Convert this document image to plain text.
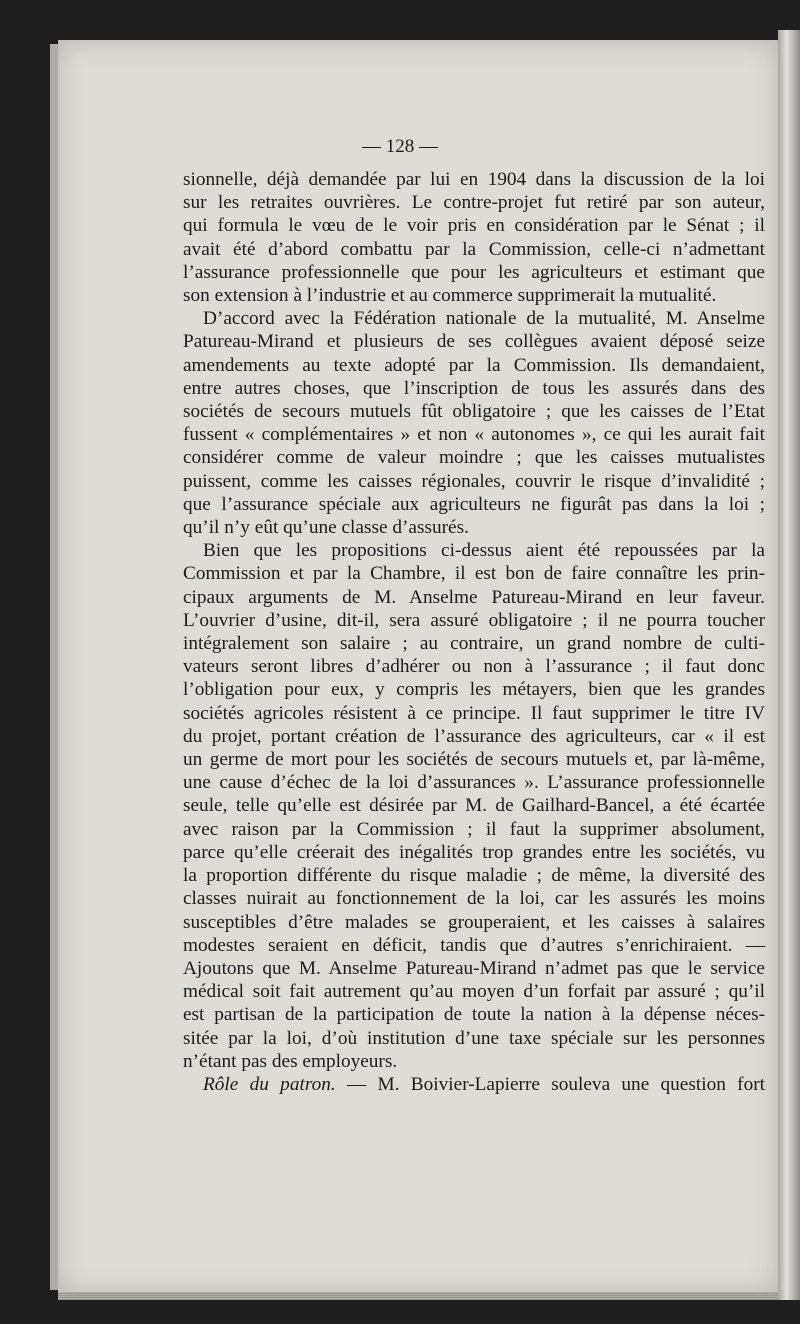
— 128 —

sionnelle, déjà demandée par lui en 1904 dans la discussion de la loi
sur les retraites ouvrières. Le contre-projet fut retiré par son auteur,
qui formula le vœu de le voir pris en considération par le Sénat ; il
avait été d’abord combattu par la Commission, celle-ci n’admettant
l’assurance professionnelle que pour les agriculteurs et estimant que
son extension à l’industrie et au commerce supprimerait la mutualité.

D’accord avec la Fédération nationale de la mutualité, M. Anselme
Patureau-Mirand et plusieurs de ses collègues avaient déposé seize
amendements au texte adopté par la Commission. Ils demandaient,
entre autres choses, que l’inscription de tous les assurés dans des
sociétés de secours mutuels fût obligatoire ; que les caisses de l’Etat
fussent « complémentaires » et non « autonomes », ce qui les aurait fait
considérer comme de valeur moindre ; que les caisses mutualistes
puissent, comme les caisses régionales, couvrir le risque d’invalidité ;
que l’assurance spéciale aux agriculteurs ne figurât pas dans la loi ;
qu’il n’y eût qu’une classe d’assurés.

Bien que les propositions ci-dessus aient été repoussées par la
Commission et par la Chambre, il est bon de faire connaître les prin-
cipaux arguments de M. Anselme Patureau-Mirand en leur faveur.
L’ouvrier d’usine, dit-il, sera assuré obligatoire ; il ne pourra toucher
intégralement son salaire ; au contraire, un grand nombre de culti-
vateurs seront libres d’adhérer ou non à l’assurance ; il faut donc
l’obligation pour eux, y compris les métayers, bien que les grandes
sociétés agricoles résistent à ce principe. Il faut supprimer le titre IV
du projet, portant création de l’assurance des agriculteurs, car « il est
un germe de mort pour les sociétés de secours mutuels et, par là-même,
une cause d’échec de la loi d’assurances ». L’assurance professionnelle
seule, telle qu’elle est désirée par M. de Gailhard-Bancel, a été écartée
avec raison par la Commission ; il faut la supprimer absolument,
parce qu’elle créerait des inégalités trop grandes entre les sociétés, vu
la proportion différente du risque maladie ; de même, la diversité des
classes nuirait au fonctionnement de la loi, car les assurés les moins
susceptibles d’être malades se grouperaient, et les caisses à salaires
modestes seraient en déficit, tandis que d’autres s’enrichiraient. —
Ajoutons que M. Anselme Patureau-Mirand n’admet pas que le service
médical soit fait autrement qu’au moyen d’un forfait par assuré ; qu’il
est partisan de la participation de toute la nation à la dépense néces-
sitée par la loi, d’où institution d’une taxe spéciale sur les personnes
n’étant pas des employeurs.

Rôle du patron. — M. Boivier-Lapierre souleva une question fort
